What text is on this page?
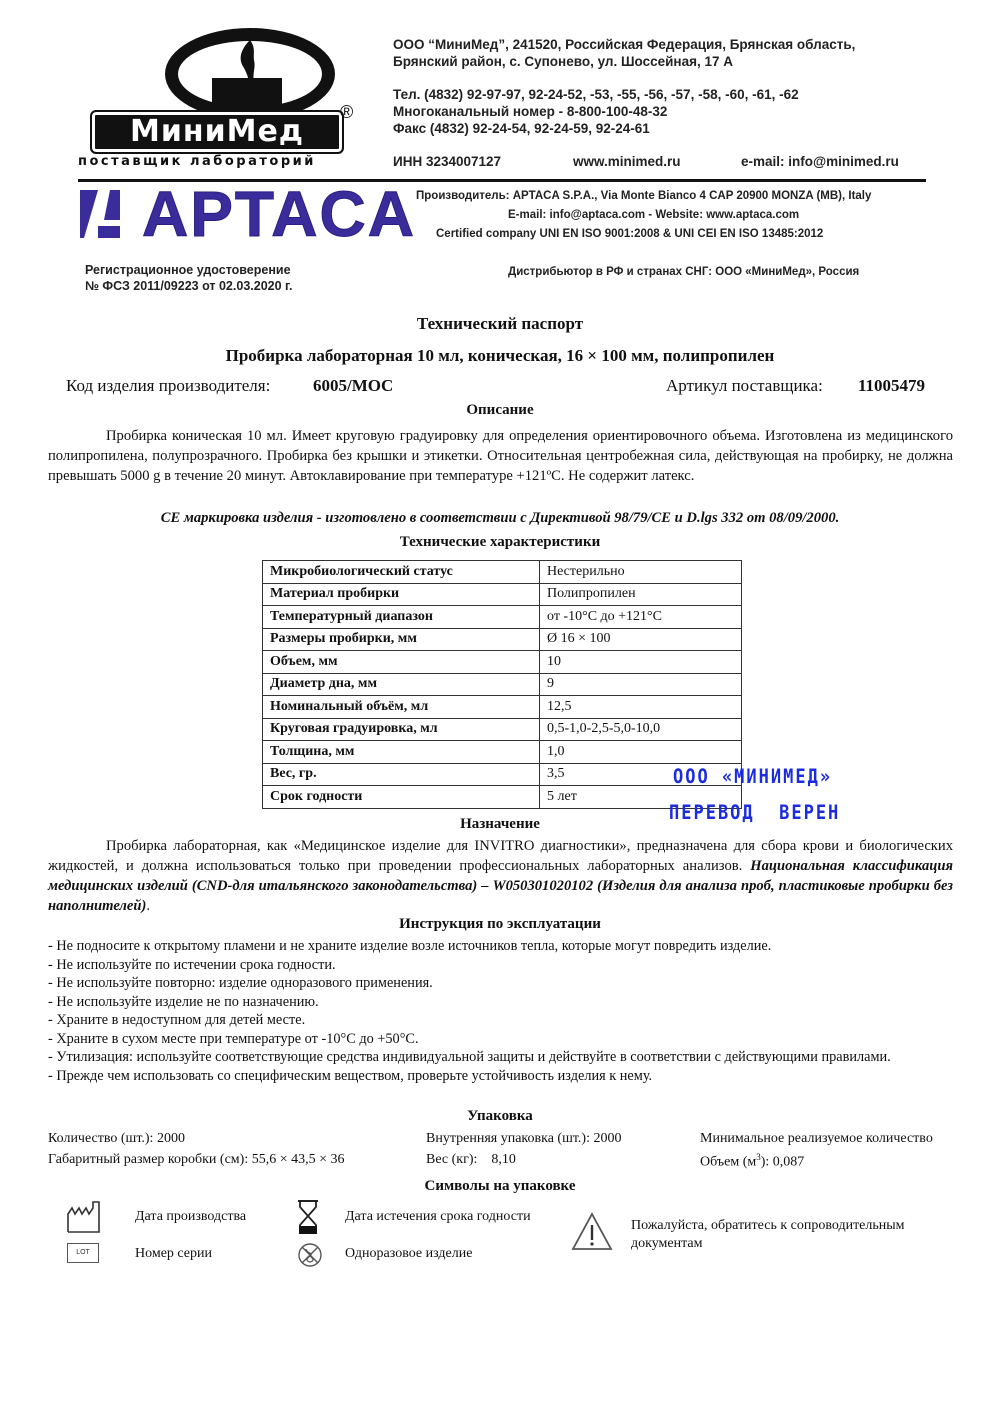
МиниМед
®
поставщик лабораторий
ООО “МиниМед”, 241520, Российская Федерация, Брянская область,
Брянский район, с. Супонево, ул. Шоссейная, 17 А
Тел. (4832) 92-97-97, 92-24-52, -53, -55, -56, -57, -58, -60, -61, -62
Многоканальный номер - 8-800-100-48-32
Факс (4832) 92-24-54, 92-24-59, 92-24-61
ИНН 3234007127	www.minimed.ru	e-mail: info@minimed.ru
APTACA Производитель: APTACA S.P.A., Via Monte Bianco 4 CAP 20900 MONZA (MB), Italy
E-mail: info@aptaca.com - Website: www.aptaca.com
Certified company UNI EN ISO 9001:2008 & UNI CEI EN ISO 13485:2012
Регистрационное удостоверение
№ ФСЗ 2011/09223 от 02.03.2020 г.
Дистрибьютор в РФ и странах СНГ: ООО «МиниМед», Россия
Технический паспорт
Пробирка лабораторная 10 мл, коническая, 16 × 100 мм, полипропилен
Код изделия производителя:	6005/MOC	Артикул поставщика: 11005479
Описание
Пробирка коническая 10 мл. Имеет круговую градуировку для определения ориентировочного объема. Изготовлена из медицинского полипропилена, полупрозрачного. Пробирка без крышки и этикетки. Относительная центробежная сила, действующая на пробирку, не должна превышать 5000 g в течение 20 минут. Автоклавирование при температуре +121ºC. Не содержит латекс.
CE маркировка изделия - изготовлено в соответствии с Директивой 98/79/CE и D.lgs 332 от 08/09/2000.
Технические характеристики
Микробиологический статус	Нестерильно
Материал пробирки	Полипропилен
Температурный диапазон	от -10°C до +121°C
Размеры пробирки, мм	Ø 16 × 100
Объем, мм	10
Диаметр дна, мм	9
Номинальный объём, мл	12,5
Круговая градуировка, мл	0,5-1,0-2,5-5,0-10,0
Толщина, мм	1,0
Вес, гр.	3,5
Срок годности	5 лет
ООО «МИНИМЕД»
ПЕРЕВОД  ВЕРЕН
Назначение
Пробирка лабораторная, как «Медицинское изделие для INVITRO диагностики», предназначена для сбора крови и биологических жидкостей, и должна использоваться только при проведении профессиональных лабораторных анализов. Национальная классификация медицинских изделий (CND-для итальянского законодательства) – W050301020102 (Изделия для анализа проб, пластиковые пробирки без наполнителей).
Инструкция по эксплуатации
- Не подносите к открытому пламени и не храните изделие возле источников тепла, которые могут повредить изделие.
- Не используйте по истечении срока годности.
- Не используйте повторно: изделие одноразового применения.
- Не используйте изделие не по назначению.
- Храните в недоступном для детей месте.
- Храните в сухом месте при температуре от -10°C до +50°C.
- Утилизация: используйте соответствующие средства индивидуальной защиты и действуйте в соответствии с действующими правилами.
- Прежде чем использовать со специфическим веществом, проверьте устойчивость изделия к нему.
Упаковка
Количество (шт.): 2000	Внутренняя упаковка (шт.): 2000	Минимальное реализуемое количество
Габаритный размер коробки (см): 55,6 × 43,5 × 36	Вес (кг): 8,10	Объем $(м^3)$: 0,087
Символы на упаковке
Дата производства	Дата истечения срока годности
Пожалуйста, обратитесь к сопроводительным документам
LOT	Номер серии	Одноразовое изделие
